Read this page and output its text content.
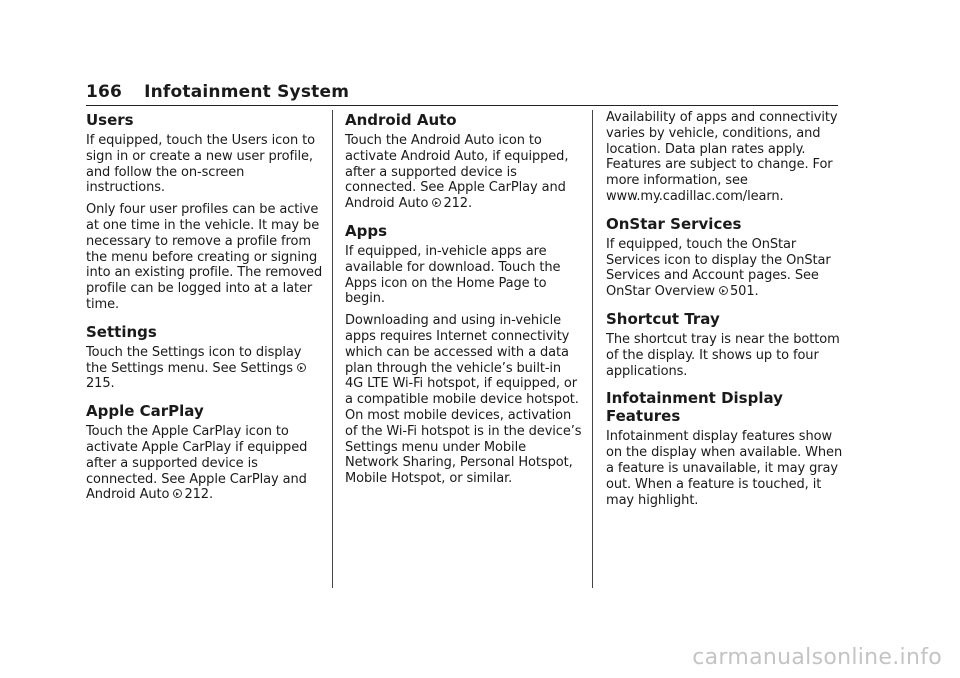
166 Infotainment System
Users

If equipped, touch the Users icon to sign in or create a new user profile, and follow the on-screen instructions.

Only four user profiles can be active at one time in the vehicle. It may be necessary to remove a profile from the menu before creating or signing into an existing profile. The removed profile can be logged into at a later time.

Settings

Touch the Settings icon to display the Settings menu. See Settings 215.

Apple CarPlay

Touch the Apple CarPlay icon to activate Apple CarPlay if equipped after a supported device is connected. See Apple CarPlay and Android Auto 212.

Android Auto

Touch the Android Auto icon to activate Android Auto, if equipped, after a supported device is connected. See Apple CarPlay and Android Auto 212.

Apps

If equipped, in-vehicle apps are available for download. Touch the Apps icon on the Home Page to begin.

Downloading and using in-vehicle apps requires Internet connectivity which can be accessed with a data plan through the vehicle’s built-in 4G LTE Wi-Fi hotspot, if equipped, or a compatible mobile device hotspot. On most mobile devices, activation of the Wi-Fi hotspot is in the device’s Settings menu under Mobile Network Sharing, Personal Hotspot, Mobile Hotspot, or similar.

Availability of apps and connectivity varies by vehicle, conditions, and location. Data plan rates apply. Features are subject to change. For more information, see www.my.cadillac.com/learn.

OnStar Services

If equipped, touch the OnStar Services icon to display the OnStar Services and Account pages. See OnStar Overview 501.

Shortcut Tray

The shortcut tray is near the bottom of the display. It shows up to four applications.

Infotainment Display Features

Infotainment display features show on the display when available. When a feature is unavailable, it may gray out. When a feature is touched, it may highlight.

carmanualsonline.info
